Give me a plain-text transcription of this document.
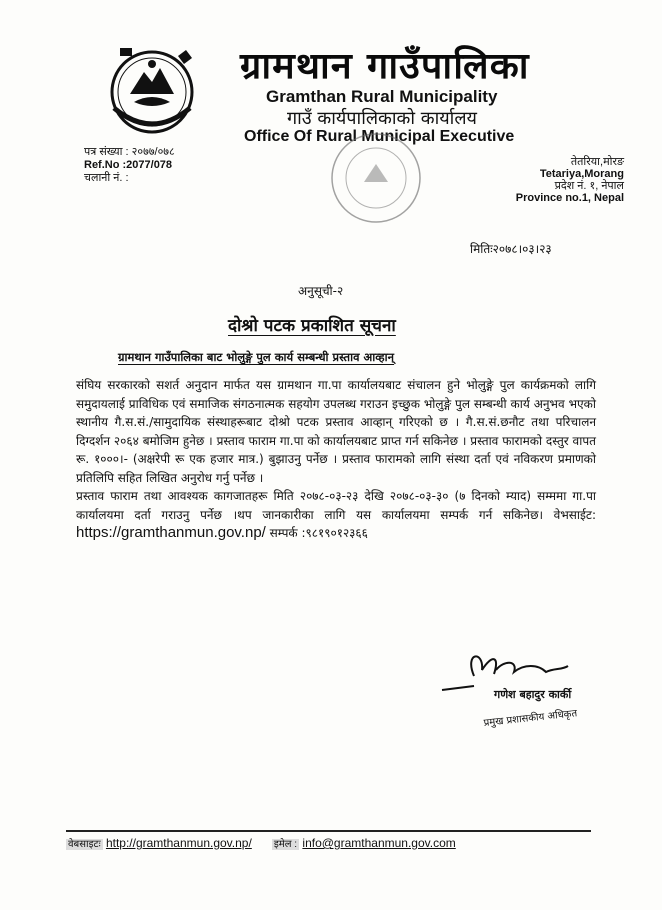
ग्रामथान गाउँपालिका
Gramthan Rural Municipality
गाउँ कार्यपालिकाको कार्यालय
Office Of Rural Municipal Executive
पत्र संख्या : २०७७/०७८
Ref.No :2077/078
चलानी नं. :
तेतरिया,मोरङ
Tetariya,Morang
प्रदेश नं. १, नेपाल
Province no.1, Nepal
मितिः२०७८।०३।२३
अनुसूची-२
दोश्रो पटक प्रकाशित सूचना
ग्रामथान गाउँपालिका बाट भोलुङ्गे पुल कार्य सम्बन्धी प्रस्ताव आव्हान्

संघिय सरकारको सशर्त अनुदान मार्फत यस ग्रामथान गा.पा कार्यालयबाट संचालन हुने भोलुङ्गे पुल कार्यक्रमको लागि समुदायलाई प्राविधिक एवं समाजिक संगठनात्मक सहयोग उपलब्ध गराउन इच्छुक भोलुङ्गे पुल सम्बन्धी कार्य अनुभव भएको स्थानीय गै.स.सं./सामुदायिक संस्थाहरूबाट दोश्रो पटक प्रस्ताव आव्हान् गरिएको छ । गै.स.सं.छनौट तथा परिचालन दिग्दर्शन २०६४ बमोजिम हुनेछ । प्रस्ताव फाराम गा.पा को कार्यालयबाट प्राप्त गर्न सकिनेछ । प्रस्ताव फारामको दस्तुर वापत रू. १०००।- (अक्षरेपी रू एक हजार मात्र.) बुझाउनु पर्नेछ । प्रस्ताव फारामको लागि संस्था दर्ता एवं नविकरण प्रमाणको प्रतिलिपि सहित लिखित अनुरोध गर्नु पर्नेछ ।

प्रस्ताव फाराम तथा आवश्यक कागजातहरू मिति २०७८-०३-२३ देखि २०७८-०३-३० (७ दिनको म्याद) सम्ममा गा.पा कार्यालयमा दर्ता गराउनु पर्नेछ ।थप जानकारीका लागि यस कार्यालयमा सम्पर्क गर्न सकिनेछ। वेभसाईट: https://gramthanmun.gov.np/ सम्पर्क :९८१९०१२३६६

गणेश बहादुर कार्की
प्रमुख प्रशासकीय अधिकृत
वेबसाइटः http://gramthanmun.gov.np/ इमेल : info@gramthanmun.gov.com
